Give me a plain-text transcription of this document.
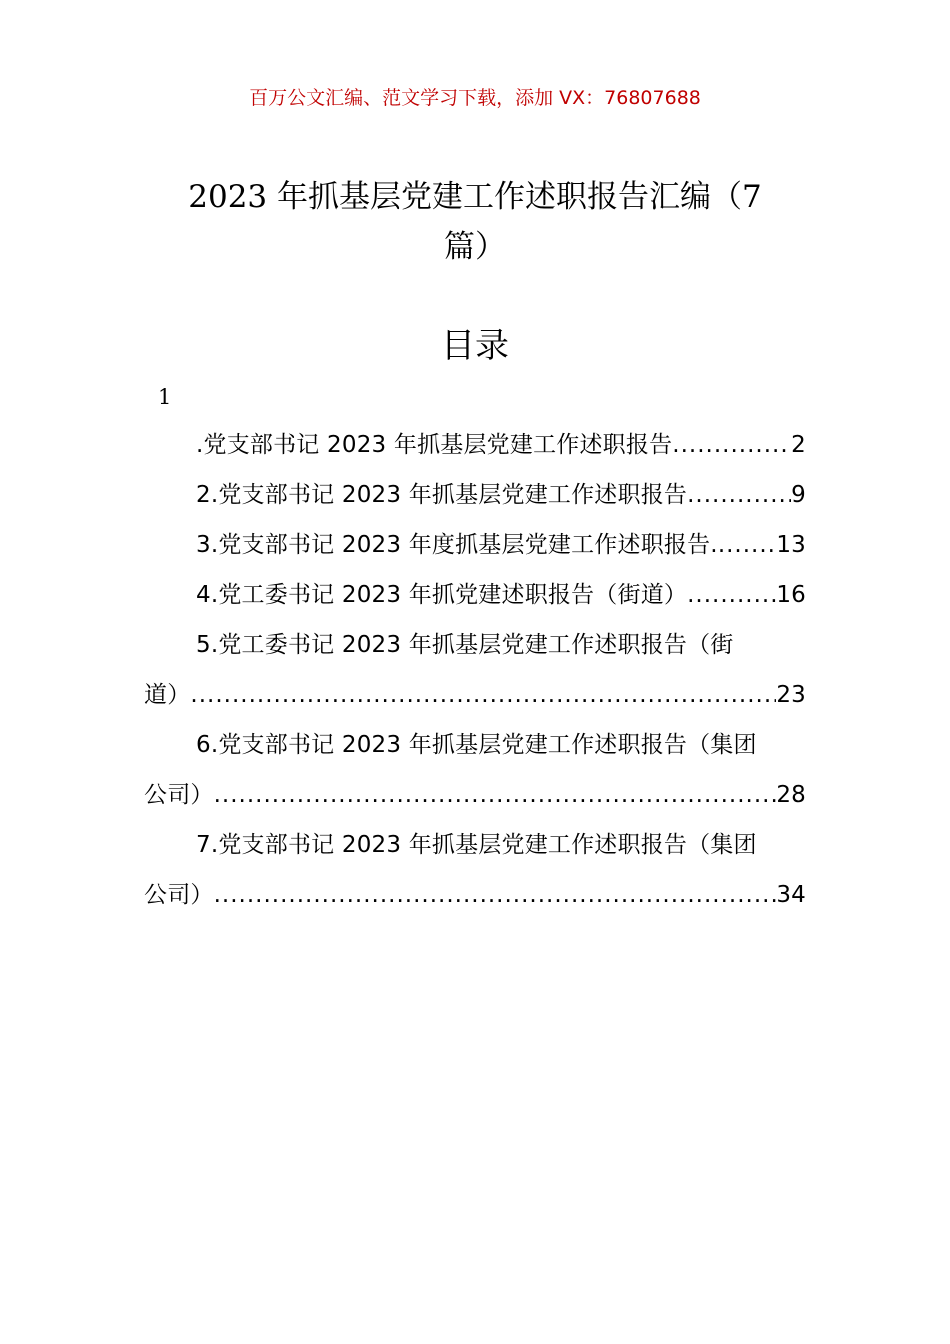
百万公文汇编、范文学习下载，添加 VX：76807688
2023 年抓基层党建工作述职报告汇编（7
篇）
目录
1
.党支部书记 2023 年抓基层党建工作述职报告 .....	2
2.党支部书记 2023 年抓基层党建工作述职报告 .....	9
3.党支部书记 2023 年度抓基层党建工作述职报告. .....	13
4.党工委书记 2023 年抓党建述职报告（街道） .....	16
5.党工委书记 2023 年抓基层党建工作述职报告（街
道） .....	23
6.党支部书记 2023 年抓基层党建工作述职报告（集团
公司） .....	28
7.党支部书记 2023 年抓基层党建工作述职报告（集团
公司） .....	34
